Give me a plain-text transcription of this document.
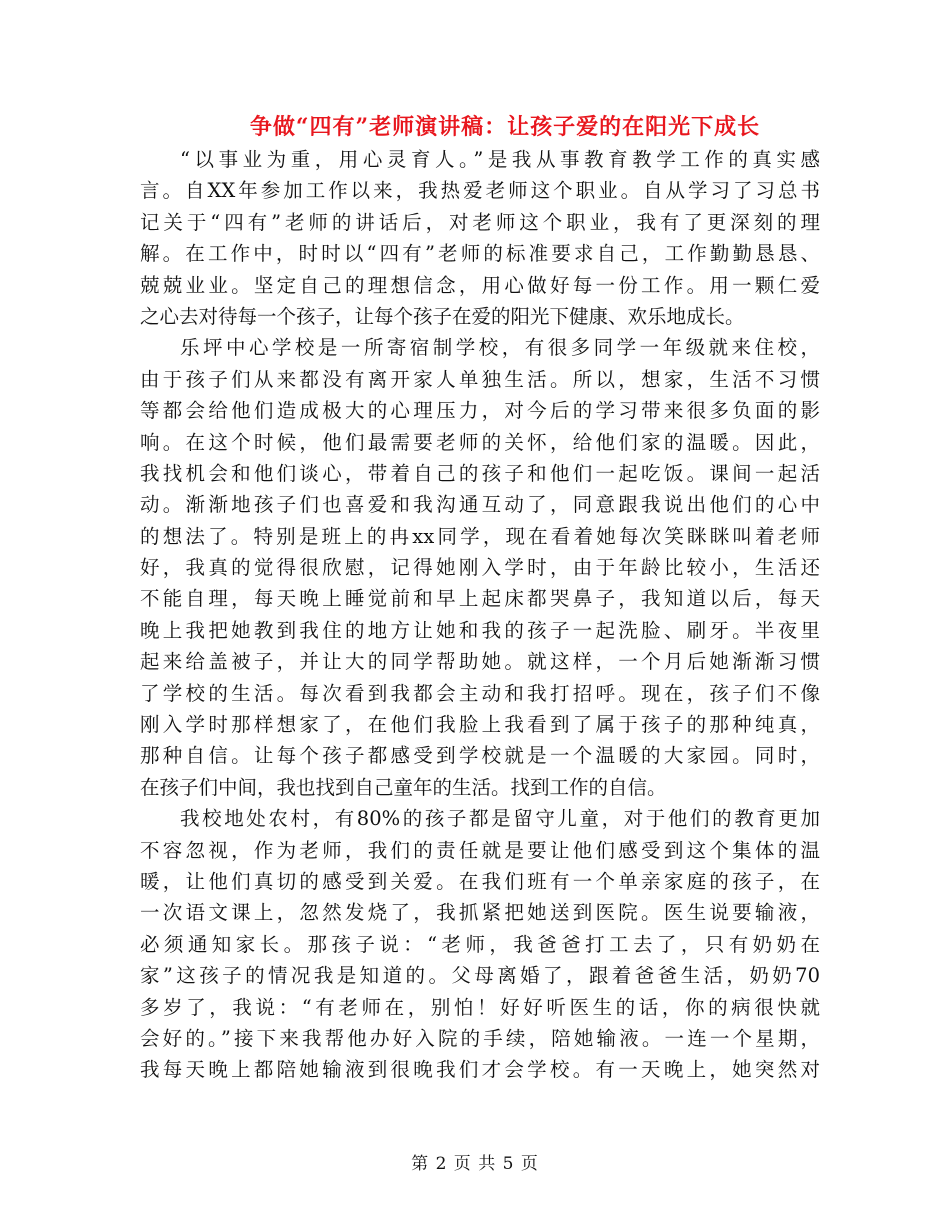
争做“四有”老师演讲稿：让孩子爱的在阳光下成长
“以事业为重，用心灵育人。”是我从事教育教学工作的真实感
言。自XX年参加工作以来，我热爱老师这个职业。自从学习了习总书
记关于“四有”老师的讲话后，对老师这个职业，我有了更深刻的理
解。在工作中，时时以“四有”老师的标准要求自己，工作勤勤恳恳、
兢兢业业。坚定自己的理想信念，用心做好每一份工作。用一颗仁爱
之心去对待每一个孩子，让每个孩子在爱的阳光下健康、欢乐地成长。
乐坪中心学校是一所寄宿制学校，有很多同学一年级就来住校，
由于孩子们从来都没有离开家人单独生活。所以，想家，生活不习惯
等都会给他们造成极大的心理压力，对今后的学习带来很多负面的影
响。在这个时候，他们最需要老师的关怀，给他们家的温暖。因此，
我找机会和他们谈心，带着自己的孩子和他们一起吃饭。课间一起活
动。渐渐地孩子们也喜爱和我沟通互动了，同意跟我说出他们的心中
的想法了。特别是班上的冉xx同学，现在看着她每次笑眯眯叫着老师
好，我真的觉得很欣慰，记得她刚入学时，由于年龄比较小，生活还
不能自理，每天晚上睡觉前和早上起床都哭鼻子，我知道以后，每天
晚上我把她教到我住的地方让她和我的孩子一起洗脸、刷牙。半夜里
起来给盖被子，并让大的同学帮助她。就这样，一个月后她渐渐习惯
了学校的生活。每次看到我都会主动和我打招呼。现在，孩子们不像
刚入学时那样想家了，在他们我脸上我看到了属于孩子的那种纯真，
那种自信。让每个孩子都感受到学校就是一个温暖的大家园。同时，
在孩子们中间，我也找到自己童年的生活。找到工作的自信。
我校地处农村，有80%的孩子都是留守儿童，对于他们的教育更加
不容忽视，作为老师，我们的责任就是要让他们感受到这个集体的温
暖，让他们真切的感受到关爱。在我们班有一个单亲家庭的孩子，在
一次语文课上，忽然发烧了，我抓紧把她送到医院。医生说要输液，
必须通知家长。那孩子说：“老师，我爸爸打工去了，只有奶奶在
家”这孩子的情况我是知道的。父母离婚了，跟着爸爸生活，奶奶70
多岁了，我说：“有老师在，别怕！好好听医生的话，你的病很快就
会好的。”接下来我帮他办好入院的手续，陪她输液。一连一个星期，
我每天晚上都陪她输液到很晚我们才会学校。有一天晚上，她突然对
第 2 页 共 5 页
